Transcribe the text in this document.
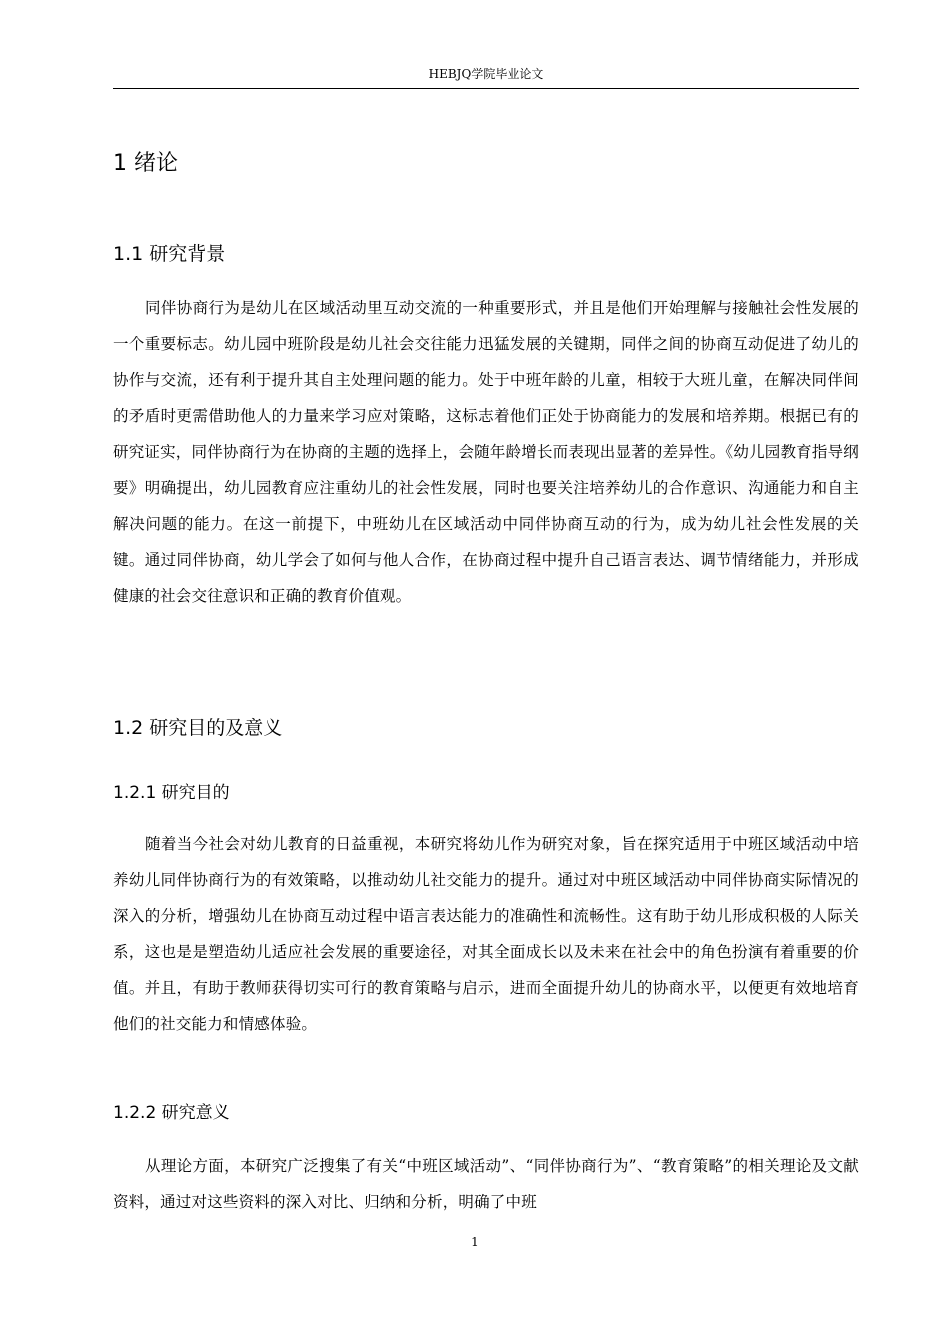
HEBJQ学院毕业论文
1 绪论
1.1 研究背景

同伴协商行为是幼儿在区域活动里互动交流的一种重要形式，并且是他们开始理解与接触社会性发展的一个重要标志。幼儿园中班阶段是幼儿社会交往能力迅猛发展的关键期，同伴之间的协商互动促进了幼儿的协作与交流，还有利于提升其自主处理问题的能力。处于中班年龄的儿童，相较于大班儿童，在解决同伴间的矛盾时更需借助他人的力量来学习应对策略，这标志着他们正处于协商能力的发展和培养期。根据已有的研究证实，同伴协商行为在协商的主题的选择上，会随年龄增长而表现出显著的差异性。《幼儿园教育指导纲要》明确提出，幼儿园教育应注重幼儿的社会性发展，同时也要关注培养幼儿的合作意识、沟通能力和自主解决问题的能力。在这一前提下，中班幼儿在区域活动中同伴协商互动的行为，成为幼儿社会性发展的关键。通过同伴协商，幼儿学会了如何与他人合作，在协商过程中提升自己语言表达、调节情绪能力，并形成健康的社会交往意识和正确的教育价值观。

1.2 研究目的及意义
1.2.1 研究目的

随着当今社会对幼儿教育的日益重视，本研究将幼儿作为研究对象，旨在探究适用于中班区域活动中培养幼儿同伴协商行为的有效策略，以推动幼儿社交能力的提升。通过对中班区域活动中同伴协商实际情况的深入的分析，增强幼儿在协商互动过程中语言表达能力的准确性和流畅性。这有助于幼儿形成积极的人际关系，这也是是塑造幼儿适应社会发展的重要途径，对其全面成长以及未来在社会中的角色扮演有着重要的价值。并且，有助于教师获得切实可行的教育策略与启示，进而全面提升幼儿的协商水平，以便更有效地培育他们的社交能力和情感体验。

1.2.2 研究意义

从理论方面，本研究广泛搜集了有关“中班区域活动”、“同伴协商行为”、“教育策略”的相关理论及文献资料，通过对这些资料的深入对比、归纳和分析，明确了中班

1
